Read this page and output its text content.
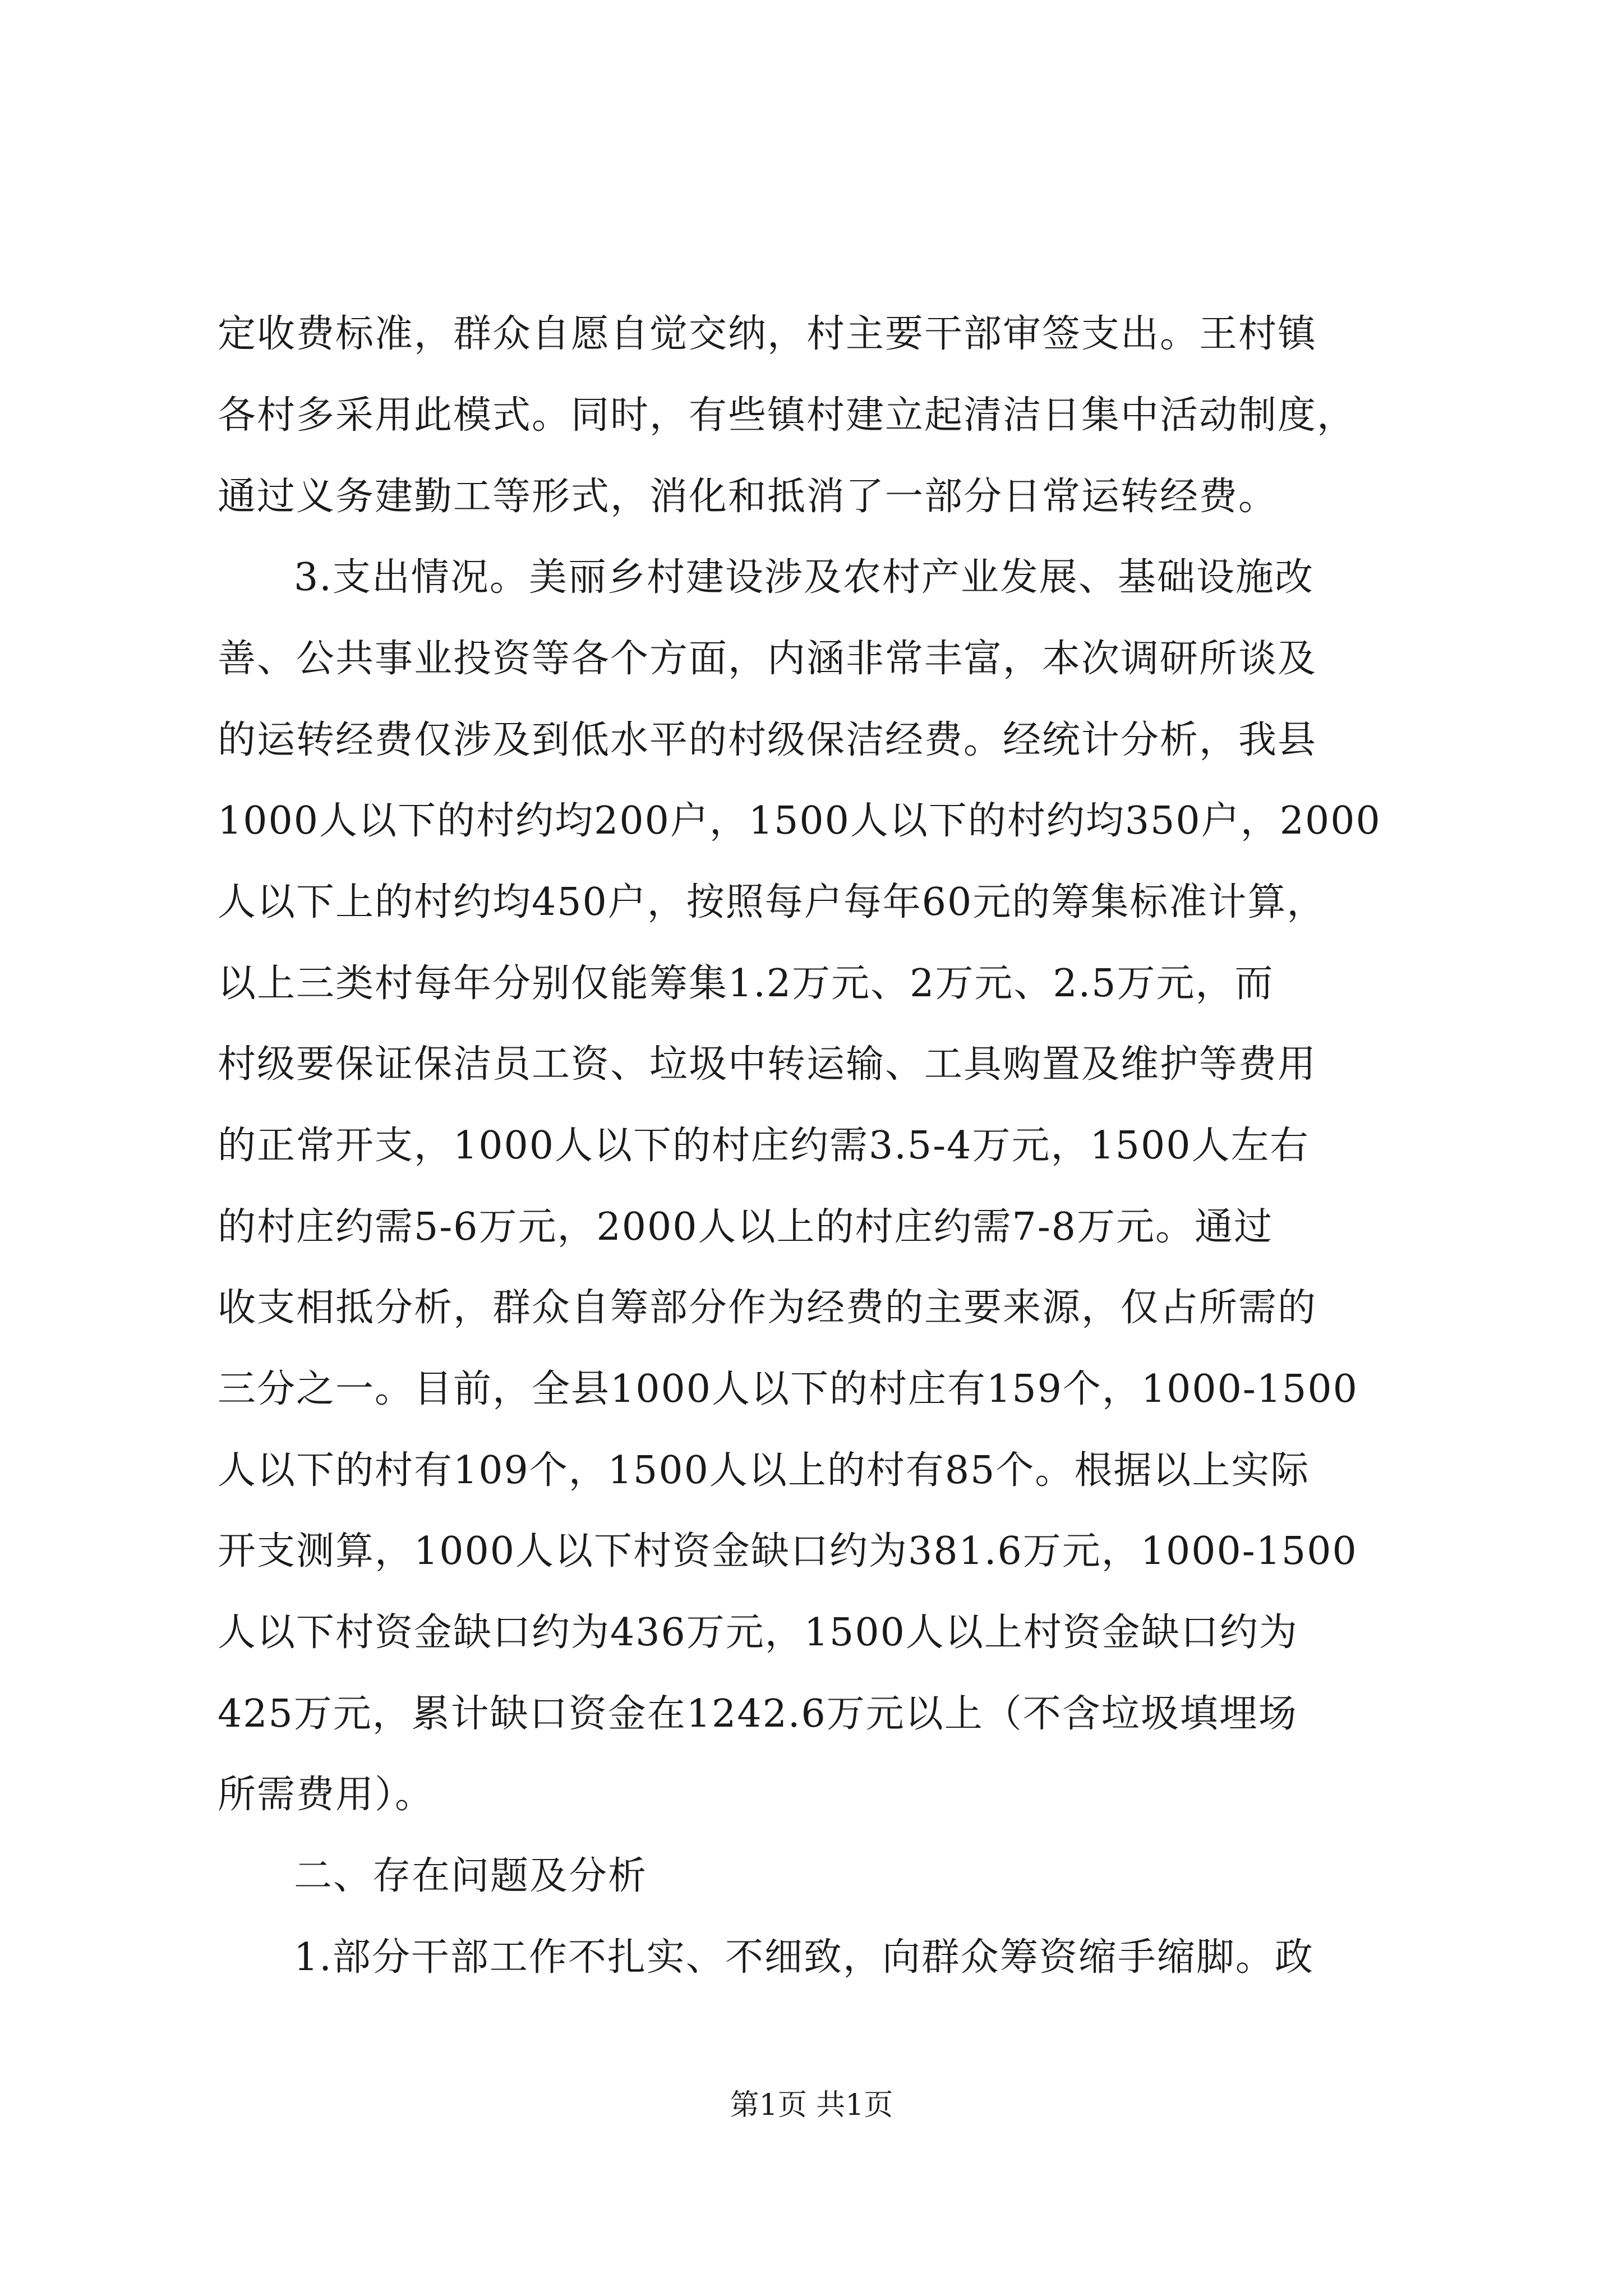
定收费标准，群众自愿自觉交纳，村主要干部审签支出。王村镇
各村多采用此模式。同时，有些镇村建立起清洁日集中活动制度，
通过义务建勤工等形式，消化和抵消了一部分日常运转经费。
3.支出情况。美丽乡村建设涉及农村产业发展、基础设施改
善、公共事业投资等各个方面，内涵非常丰富，本次调研所谈及
的运转经费仅涉及到低水平的村级保洁经费。经统计分析，我县
1000人以下的村约均200户，1500人以下的村约均350户，2000
人以下上的村约均450户，按照每户每年60元的筹集标准计算，
以上三类村每年分别仅能筹集1.2万元、2万元、2.5万元，而
村级要保证保洁员工资、垃圾中转运输、工具购置及维护等费用
的正常开支，1000人以下的村庄约需3.5-4万元，1500人左右
的村庄约需5-6万元，2000人以上的村庄约需7-8万元。通过
收支相抵分析，群众自筹部分作为经费的主要来源，仅占所需的
三分之一。目前，全县1000人以下的村庄有159个，1000-1500
人以下的村有109个，1500人以上的村有85个。根据以上实际
开支测算，1000人以下村资金缺口约为381.6万元，1000-1500
人以下村资金缺口约为436万元，1500人以上村资金缺口约为
425万元，累计缺口资金在1242.6万元以上（不含垃圾填埋场
所需费用）。
二、存在问题及分析
1.部分干部工作不扎实、不细致，向群众筹资缩手缩脚。政
第1页 共1页
